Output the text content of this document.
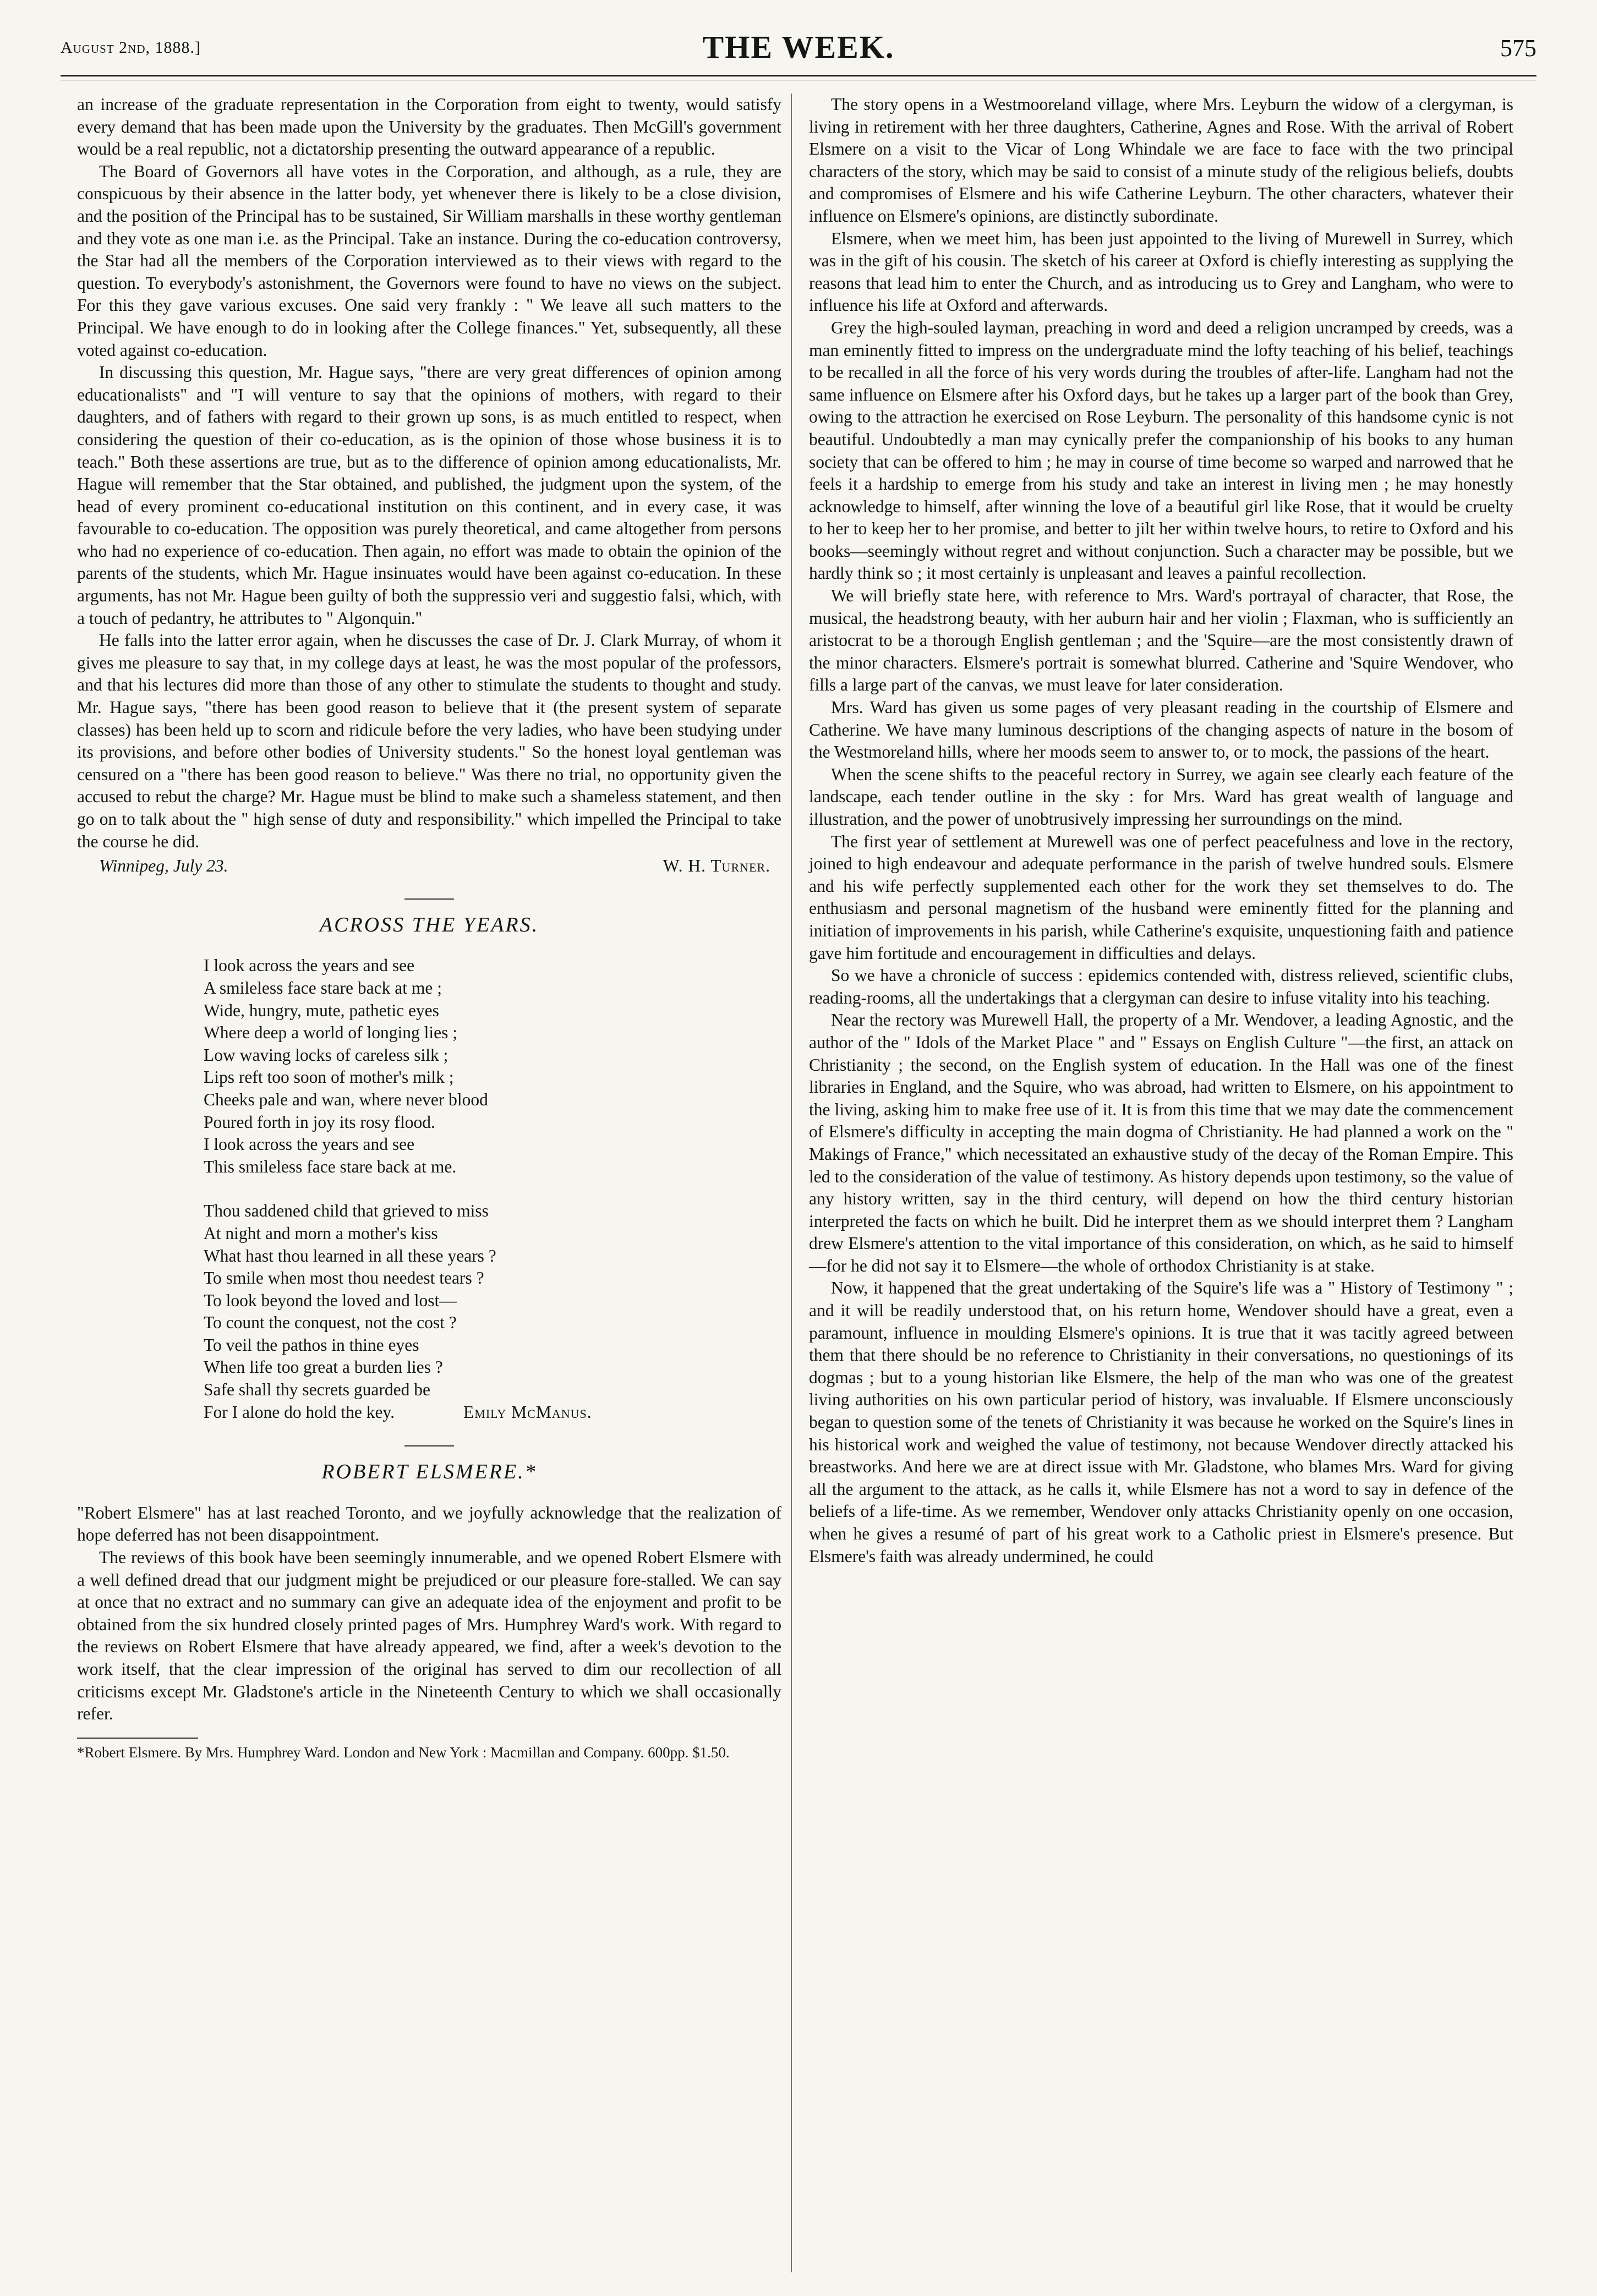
August 2nd, 1888.]	THE WEEK.	575

an increase of the graduate representation in the Corporation from eight to twenty, would satisfy every demand that has been made upon the University by the graduates. Then McGill's government would be a real republic, not a dictatorship presenting the outward appearance of a republic.

The Board of Governors all have votes in the Corporation, and although, as a rule, they are conspicuous by their absence in the latter body, yet whenever there is likely to be a close division, and the position of the Principal has to be sustained, Sir William marshalls in these worthy gentleman and they vote as one man i.e. as the Principal. Take an instance. During the co-education controversy, the Star had all the members of the Corporation interviewed as to their views with regard to the question. To everybody's astonishment, the Governors were found to have no views on the subject. For this they gave various excuses. One said very frankly : " We leave all such matters to the Principal. We have enough to do in looking after the College finances." Yet, subsequently, all these voted against co-education.

In discussing this question, Mr. Hague says, "there are very great differences of opinion among educationalists" and "I will venture to say that the opinions of mothers, with regard to their daughters, and of fathers with regard to their grown up sons, is as much entitled to respect, when considering the question of their co-education, as is the opinion of those whose business it is to teach." Both these assertions are true, but as to the difference of opinion among educationalists, Mr. Hague will remember that the Star obtained, and published, the judgment upon the system, of the head of every prominent co-educational institution on this continent, and in every case, it was favourable to co-education. The opposition was purely theoretical, and came altogether from persons who had no experience of co-education. Then again, no effort was made to obtain the opinion of the parents of the students, which Mr. Hague insinuates would have been against co-education. In these arguments, has not Mr. Hague been guilty of both the suppressio veri and suggestio falsi, which, with a touch of pedantry, he attributes to " Algonquin."

He falls into the latter error again, when he discusses the case of Dr. J. Clark Murray, of whom it gives me pleasure to say that, in my college days at least, he was the most popular of the professors, and that his lectures did more than those of any other to stimulate the students to thought and study. Mr. Hague says, "there has been good reason to believe that it (the present system of separate classes) has been held up to scorn and ridicule before the very ladies, who have been studying under its provisions, and before other bodies of University students." So the honest loyal gentleman was censured on a "there has been good reason to believe." Was there no trial, no opportunity given the accused to rebut the charge? Mr. Hague must be blind to make such a shameless statement, and then go on to talk about the " high sense of duty and responsibility." which impelled the Principal to take the course he did.

Winnipeg, July 23.	W. H. Turner.
ACROSS THE YEARS.
I look across the years and see
A smileless face stare back at me ;
Wide, hungry, mute, pathetic eyes
Where deep a world of longing lies ;
Low waving locks of careless silk ;
Lips reft too soon of mother's milk ;
Cheeks pale and wan, where never blood
Poured forth in joy its rosy flood.
I look across the years and see
This smileless face stare back at me.
Thou saddened child that grieved to miss
At night and morn a mother's kiss
What hast thou learned in all these years ?
To smile when most thou needest tears ?
To look beyond the loved and lost—
To count the conquest, not the cost ?
To veil the pathos in thine eyes
When life too great a burden lies ?
Safe shall thy secrets guarded be
For I alone do hold the key.	Emily McManus.
ROBERT ELSMERE.*

"Robert Elsmere" has at last reached Toronto, and we joyfully acknowledge that the realization of hope deferred has not been disappointment.

The reviews of this book have been seemingly innumerable, and we opened Robert Elsmere with a well defined dread that our judgment might be prejudiced or our pleasure fore-stalled. We can say at once that no extract and no summary can give an adequate idea of the enjoyment and profit to be obtained from the six hundred closely printed pages of Mrs. Humphrey Ward's work. With regard to the reviews on Robert Elsmere that have already appeared, we find, after a week's devotion to the work itself, that the clear impression of the original has served to dim our recollection of all criticisms except Mr. Gladstone's article in the Nineteenth Century to which we shall occasionally refer.

*Robert Elsmere. By Mrs. Humphrey Ward. London and New York : Macmillan and Company. 600pp. $1.50.

The story opens in a Westmooreland village, where Mrs. Leyburn the widow of a clergyman, is living in retirement with her three daughters, Catherine, Agnes and Rose. With the arrival of Robert Elsmere on a visit to the Vicar of Long Whindale we are face to face with the two principal characters of the story, which may be said to consist of a minute study of the religious beliefs, doubts and compromises of Elsmere and his wife Catherine Leyburn. The other characters, whatever their influence on Elsmere's opinions, are distinctly subordinate.

Elsmere, when we meet him, has been just appointed to the living of Murewell in Surrey, which was in the gift of his cousin. The sketch of his career at Oxford is chiefly interesting as supplying the reasons that lead him to enter the Church, and as introducing us to Grey and Langham, who were to influence his life at Oxford and afterwards.

Grey the high-souled layman, preaching in word and deed a religion uncramped by creeds, was a man eminently fitted to impress on the undergraduate mind the lofty teaching of his belief, teachings to be recalled in all the force of his very words during the troubles of after-life. Langham had not the same influence on Elsmere after his Oxford days, but he takes up a larger part of the book than Grey, owing to the attraction he exercised on Rose Leyburn. The personality of this handsome cynic is not beautiful. Undoubtedly a man may cynically prefer the companionship of his books to any human society that can be offered to him ; he may in course of time become so warped and narrowed that he feels it a hardship to emerge from his study and take an interest in living men ; he may honestly acknowledge to himself, after winning the love of a beautiful girl like Rose, that it would be cruelty to her to keep her to her promise, and better to jilt her within twelve hours, to retire to Oxford and his books—seemingly without regret and without conjunction. Such a character may be possible, but we hardly think so ; it most certainly is unpleasant and leaves a painful recollection.

We will briefly state here, with reference to Mrs. Ward's portrayal of character, that Rose, the musical, the headstrong beauty, with her auburn hair and her violin ; Flaxman, who is sufficiently an aristocrat to be a thorough English gentleman ; and the 'Squire—are the most consistently drawn of the minor characters. Elsmere's portrait is somewhat blurred. Catherine and 'Squire Wendover, who fills a large part of the canvas, we must leave for later consideration.

Mrs. Ward has given us some pages of very pleasant reading in the courtship of Elsmere and Catherine. We have many luminous descriptions of the changing aspects of nature in the bosom of the Westmoreland hills, where her moods seem to answer to, or to mock, the passions of the heart.

When the scene shifts to the peaceful rectory in Surrey, we again see clearly each feature of the landscape, each tender outline in the sky : for Mrs. Ward has great wealth of language and illustration, and the power of unobtrusively impressing her surroundings on the mind.

The first year of settlement at Murewell was one of perfect peacefulness and love in the rectory, joined to high endeavour and adequate performance in the parish of twelve hundred souls. Elsmere and his wife perfectly supplemented each other for the work they set themselves to do. The enthusiasm and personal magnetism of the husband were eminently fitted for the planning and initiation of improvements in his parish, while Catherine's exquisite, unquestioning faith and patience gave him fortitude and encouragement in difficulties and delays.

So we have a chronicle of success : epidemics contended with, distress relieved, scientific clubs, reading-rooms, all the undertakings that a clergyman can desire to infuse vitality into his teaching.

Near the rectory was Murewell Hall, the property of a Mr. Wendover, a leading Agnostic, and the author of the " Idols of the Market Place " and " Essays on English Culture "—the first, an attack on Christianity ; the second, on the English system of education. In the Hall was one of the finest libraries in England, and the Squire, who was abroad, had written to Elsmere, on his appointment to the living, asking him to make free use of it. It is from this time that we may date the commencement of Elsmere's difficulty in accepting the main dogma of Christianity. He had planned a work on the " Makings of France," which necessitated an exhaustive study of the decay of the Roman Empire. This led to the consideration of the value of testimony. As history depends upon testimony, so the value of any history written, say in the third century, will depend on how the third century historian interpreted the facts on which he built. Did he interpret them as we should interpret them ? Langham drew Elsmere's attention to the vital importance of this consideration, on which, as he said to himself—for he did not say it to Elsmere—the whole of orthodox Christianity is at stake.

Now, it happened that the great undertaking of the Squire's life was a " History of Testimony " ; and it will be readily understood that, on his return home, Wendover should have a great, even a paramount, influence in moulding Elsmere's opinions. It is true that it was tacitly agreed between them that there should be no reference to Christianity in their conversations, no questionings of its dogmas ; but to a young historian like Elsmere, the help of the man who was one of the greatest living authorities on his own particular period of history, was invaluable. If Elsmere unconsciously began to question some of the tenets of Christianity it was because he worked on the Squire's lines in his historical work and weighed the value of testimony, not because Wendover directly attacked his breastworks. And here we are at direct issue with Mr. Gladstone, who blames Mrs. Ward for giving all the argument to the attack, as he calls it, while Elsmere has not a word to say in defence of the beliefs of a life-time. As we remember, Wendover only attacks Christianity openly on one occasion, when he gives a resumé of part of his great work to a Catholic priest in Elsmere's presence. But Elsmere's faith was already undermined, he could
